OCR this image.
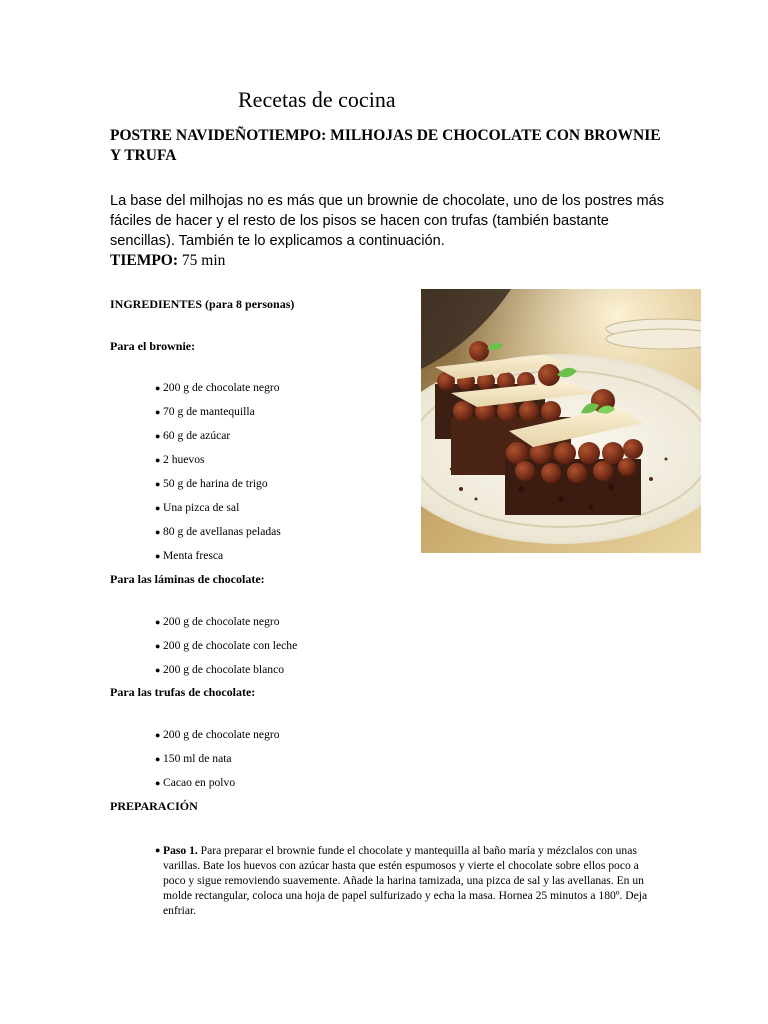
Recetas de cocina
POSTRE NAVIDEÑOTIEMPO: MILHOJAS DE CHOCOLATE CON BROWNIE Y TRUFA

La base del milhojas no es más que un brownie de chocolate, uno de los postres más fáciles de hacer y el resto de los pisos se hacen con trufas (también bastante sencillas). También te lo explicamos a continuación.

TIEMPO: 75 min

INGREDIENTES (para 8 personas)

Para el brownie:

● 200 g de chocolate negro
● 70 g de mantequilla
● 60 g de azúcar
● 2 huevos
● 50 g de harina de trigo
● Una pizca de sal
● 80 g de avellanas peladas
● Menta fresca

Para las láminas de chocolate:

● 200 g de chocolate negro
● 200 g de chocolate con leche
● 200 g de chocolate blanco

Para las trufas de chocolate:

● 200 g de chocolate negro
● 150 ml de nata
● Cacao en polvo

PREPARACIÓN

● Paso 1. Para preparar el brownie funde el chocolate y mantequilla al baño maría y mézclalos con unas varillas. Bate los huevos con azúcar hasta que estén espumosos y vierte el chocolate sobre ellos poco a poco y sigue removiendo suavemente. Añade la harina tamizada, una pizca de sal y las avellanas. En un molde rectangular, coloca una hoja de papel sulfurizado y echa la masa. Hornea 25 minutos a 180º. Deja enfriar.
